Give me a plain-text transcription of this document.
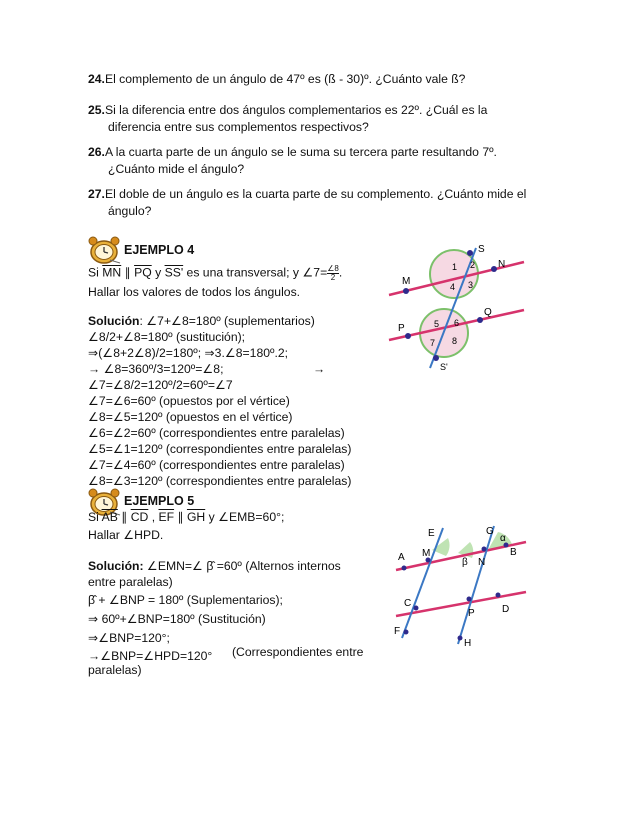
24.El complemento de un ángulo de 47º es (ß - 30)º. ¿Cuánto vale ß?
25.Si la diferencia entre dos ángulos complementarios es 22º. ¿Cuál es la
diferencia entre sus complementos respectivos?
26.A la cuarta parte de un ángulo se le suma su tercera parte resultando 7º.
¿Cuánto mide el ángulo?
27.El doble de un ángulo es la cuarta parte de su complemento. ¿Cuánto mide el
ángulo?
EJEMPLO 4
Si $\overline{MN}$ ∥ $\overline{PQ}$ y SS' es una transversal; y ∠7= $\frac{\angle 8}{2}$ .
Hallar los valores de todos los ángulos.
Solución: ∠7+∠8=180º (suplementarios)
∠8/2+∠8=180º (sustitución);
⇒(∠8+2∠8)/2=180º; ⇒3.∠8=180º.2;
→ ∠8=360º/3=120º=∠8;	→
∠7=∠8/2=120º/2=60º=∠7
∠7=∠6=60º (opuestos por el vértice)
∠8=∠5=120º (opuestos en el vértice)
∠6=∠2=60º (correspondientes entre paralelas)
∠5=∠1=120º (correspondientes entre paralelas)
∠7=∠4=60º (correspondientes entre paralelas)
∠8=∠3=120º (correspondientes entre paralelas)
S
N
M
P
Q
S'
1 2
4 3
5 6
7 8
EJEMPLO 5
Si $\overline{AB}$ ∥ $\overline{CD}$ , $\overline{EF}$ ∥ $\overline{GH}$ y ∠EMB=60°;
Hallar ∠HPD.
Solución: ∠EMN=∠ β̂ =60º (Alternos internos
entre paralelas)
β̂ + ∠BNP = 180º (Suplementarios);
⇒ 60º+∠BNP=180º (Sustitución)
⇒∠BNP=120°;
→∠BNP=∠HPD=120° (Correspondientes entre
paralelas)
E	G
A M
N
B
α
β
C
P	D
F
H
